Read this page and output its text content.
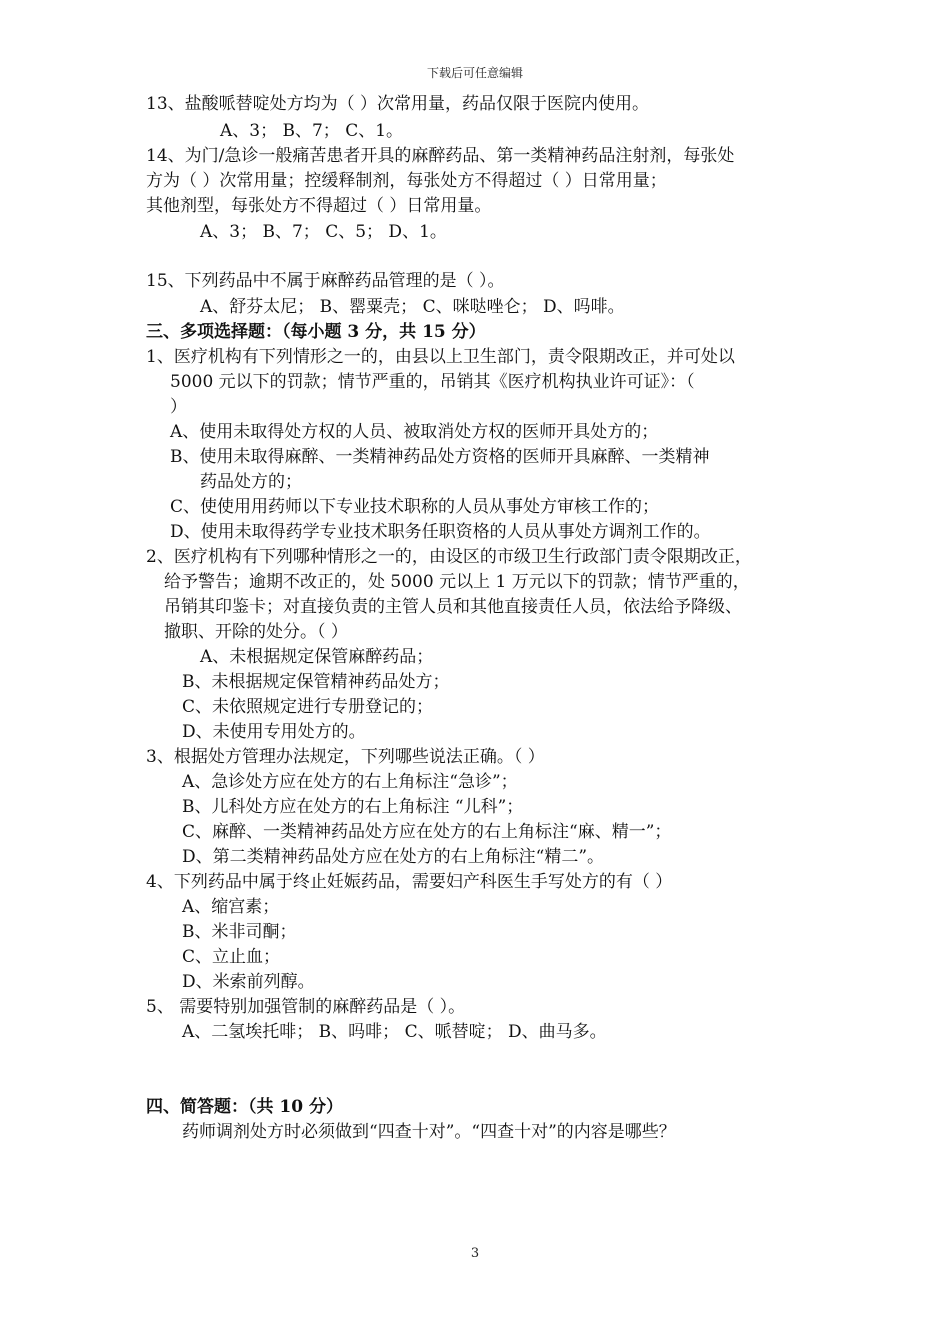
下载后可任意编辑
13、盐酸哌替啶处方均为（ ）次常用量，药品仅限于医院内使用。
A、3； B、7； C、1。
14、为门/急诊一般痛苦患者开具的麻醉药品、第一类精神药品注射剂，每张处
方为（ ）次常用量；控缓释制剂，每张处方不得超过（ ）日常用量；
其他剂型，每张处方不得超过（ ）日常用量。
A、3； B、7； C、5； D、1。
15、下列药品中不属于麻醉药品管理的是（ ）。
A、舒芬太尼； B、罂粟壳； C、咪哒唑仑； D、吗啡。
三、多项选择题：（每小题 3 分，共 15 分）
1、医疗机构有下列情形之一的，由县以上卫生部门，责令限期改正，并可处以
5000 元以下的罚款；情节严重的，吊销其《医疗机构执业许可证》：（
）
A、使用未取得处方权的人员、被取消处方权的医师开具处方的；
B、使用未取得麻醉、一类精神药品处方资格的医师开具麻醉、一类精神
药品处方的；
C、使使用用药师以下专业技术职称的人员从事处方审核工作的；
D、使用未取得药学专业技术职务任职资格的人员从事处方调剂工作的。
2、医疗机构有下列哪种情形之一的，由设区的市级卫生行政部门责令限期改正，
给予警告；逾期不改正的，处 5000 元以上 1 万元以下的罚款；情节严重的，
吊销其印鉴卡；对直接负责的主管人员和其他直接责任人员，依法给予降级、
撤职、开除的处分。（ ）
A、未根据规定保管麻醉药品；
B、未根据规定保管精神药品处方；
C、未依照规定进行专册登记的；
D、未使用专用处方的。
3、根据处方管理办法规定，下列哪些说法正确。（ ）
A、急诊处方应在处方的右上角标注“急诊”；
B、儿科处方应在处方的右上角标注 “儿科”；
C、麻醉、一类精神药品处方应在处方的右上角标注“麻、精一”；
D、第二类精神药品处方应在处方的右上角标注“精二”。
4、下列药品中属于终止妊娠药品，需要妇产科医生手写处方的有（ ）
A、缩宫素；
B、米非司酮；
C、立止血；
D、米索前列醇。
5、 需要特别加强管制的麻醉药品是（ ）。
A、二氢埃托啡； B、吗啡； C、哌替啶； D、曲马多。
四、简答题：（共 10 分）
药师调剂处方时必须做到“四查十对”。“四查十对”的内容是哪些？
3
